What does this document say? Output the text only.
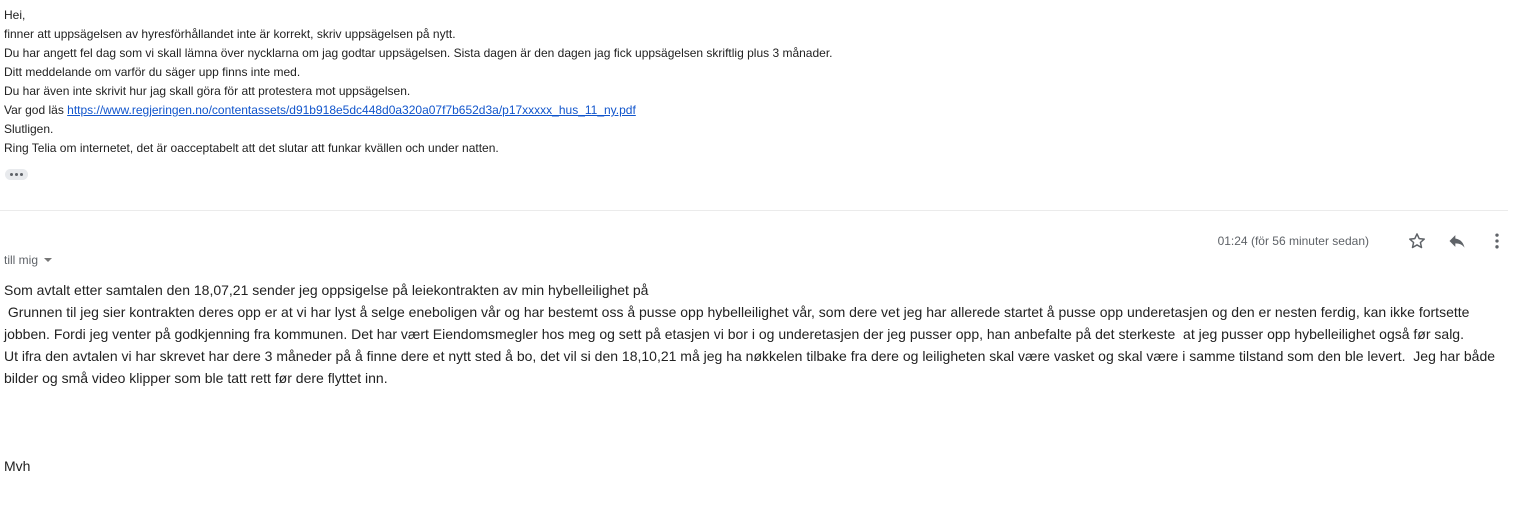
Hei,
finner att uppsägelsen av hyresförhållandet inte är korrekt, skriv uppsägelsen på nytt.
Du har angett fel dag som vi skall lämna över nycklarna om jag godtar uppsägelsen. Sista dagen är den dagen jag fick uppsägelsen skriftlig plus 3 månader.
Ditt meddelande om varför du säger upp finns inte med.
Du har även inte skrivit hur jag skall göra för att protestera mot uppsägelsen.
Var god läs https://www.regjeringen.no/contentassets/d91b918e5dc448d0a320a07f7b652d3a/p17xxxxx_hus_11_ny.pdf
Slutligen.
Ring Telia om internetet, det är oacceptabelt att det slutar att funkar kvällen och under natten.
01:24 (för 56 minuter sedan)
till mig

Som avtalt etter samtalen den 18,07,21 sender jeg oppsigelse på leiekontrakten av min hybelleilighet på

Grunnen til jeg sier kontrakten deres opp er at vi har lyst å selge eneboligen vår og har bestemt oss å pusse opp hybelleilighet vår, som dere vet jeg har allerede startet å pusse opp underetasjen og den er nesten ferdig, kan ikke fortsette jobben. Fordi jeg venter på godkjenning fra kommunen. Det har vært Eiendomsmegler hos meg og sett på etasjen vi bor i og underetasjen der jeg pusser opp, han anbefalte på det sterkeste  at jeg pusser opp hybelleilighet også før salg.

Ut ifra den avtalen vi har skrevet har dere 3 måneder på å finne dere et nytt sted å bo, det vil si den 18,10,21 må jeg ha nøkkelen tilbake fra dere og leiligheten skal være vasket og skal være i samme tilstand som den ble levert.  Jeg har både bilder og små video klipper som ble tatt rett før dere flyttet inn.

Mvh
